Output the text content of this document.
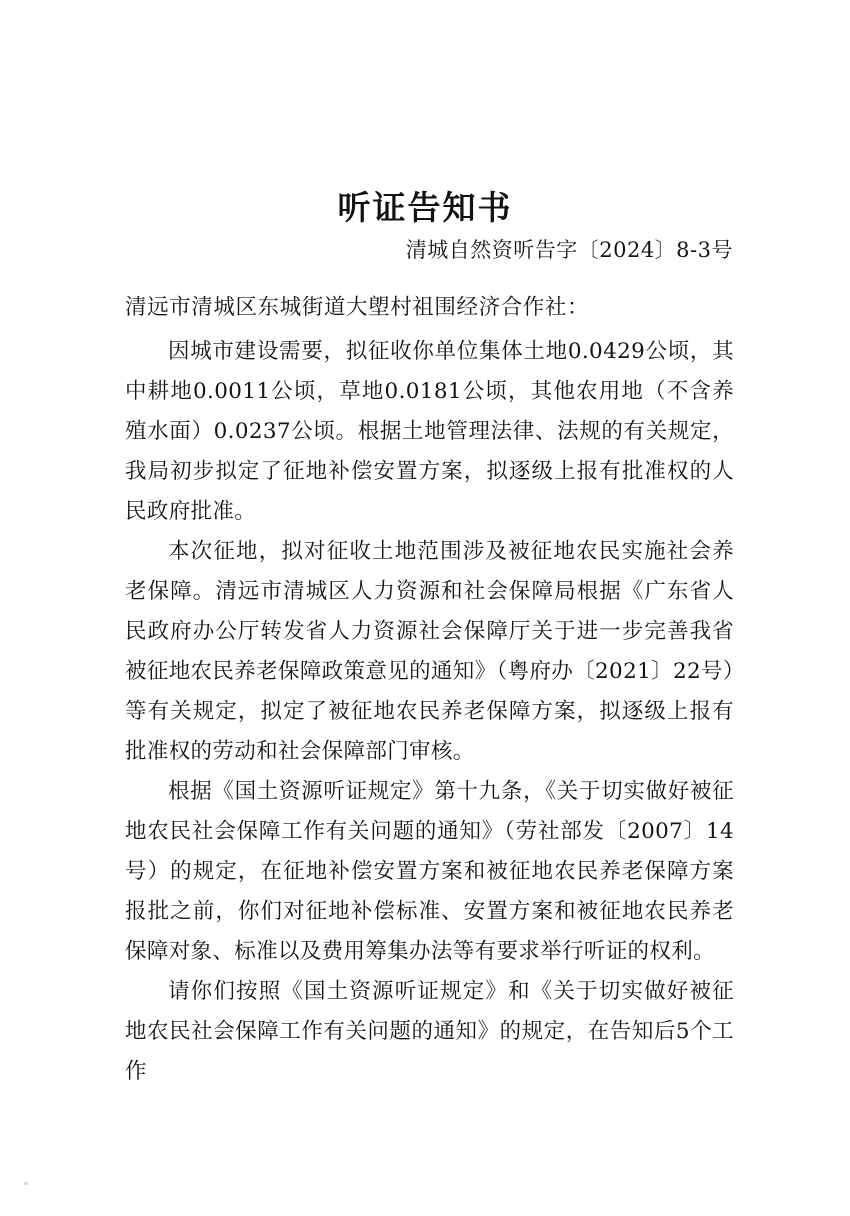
听证告知书
清城自然资听告字〔2024〕8-3号

清远市清城区东城街道大塱村祖围经济合作社：

因城市建设需要，拟征收你单位集体土地0.0429公顷，其中耕地0.0011公顷，草地0.0181公顷，其他农用地（不含养殖水面）0.0237公顷。根据土地管理法律、法规的有关规定，我局初步拟定了征地补偿安置方案，拟逐级上报有批准权的人民政府批准。

本次征地，拟对征收土地范围涉及被征地农民实施社会养老保障。清远市清城区人力资源和社会保障局根据《广东省人民政府办公厅转发省人力资源社会保障厅关于进一步完善我省被征地农民养老保障政策意见的通知》（粤府办〔2021〕22号）等有关规定，拟定了被征地农民养老保障方案，拟逐级上报有批准权的劳动和社会保障部门审核。

根据《国土资源听证规定》第十九条，《关于切实做好被征地农民社会保障工作有关问题的通知》（劳社部发〔2007〕14号）的规定，在征地补偿安置方案和被征地农民养老保障方案报批之前，你们对征地补偿标准、安置方案和被征地农民养老保障对象、标准以及费用筹集办法等有要求举行听证的权利。

请你们按照《国土资源听证规定》和《关于切实做好被征地农民社会保障工作有关问题的通知》的规定，在告知后5个工作
